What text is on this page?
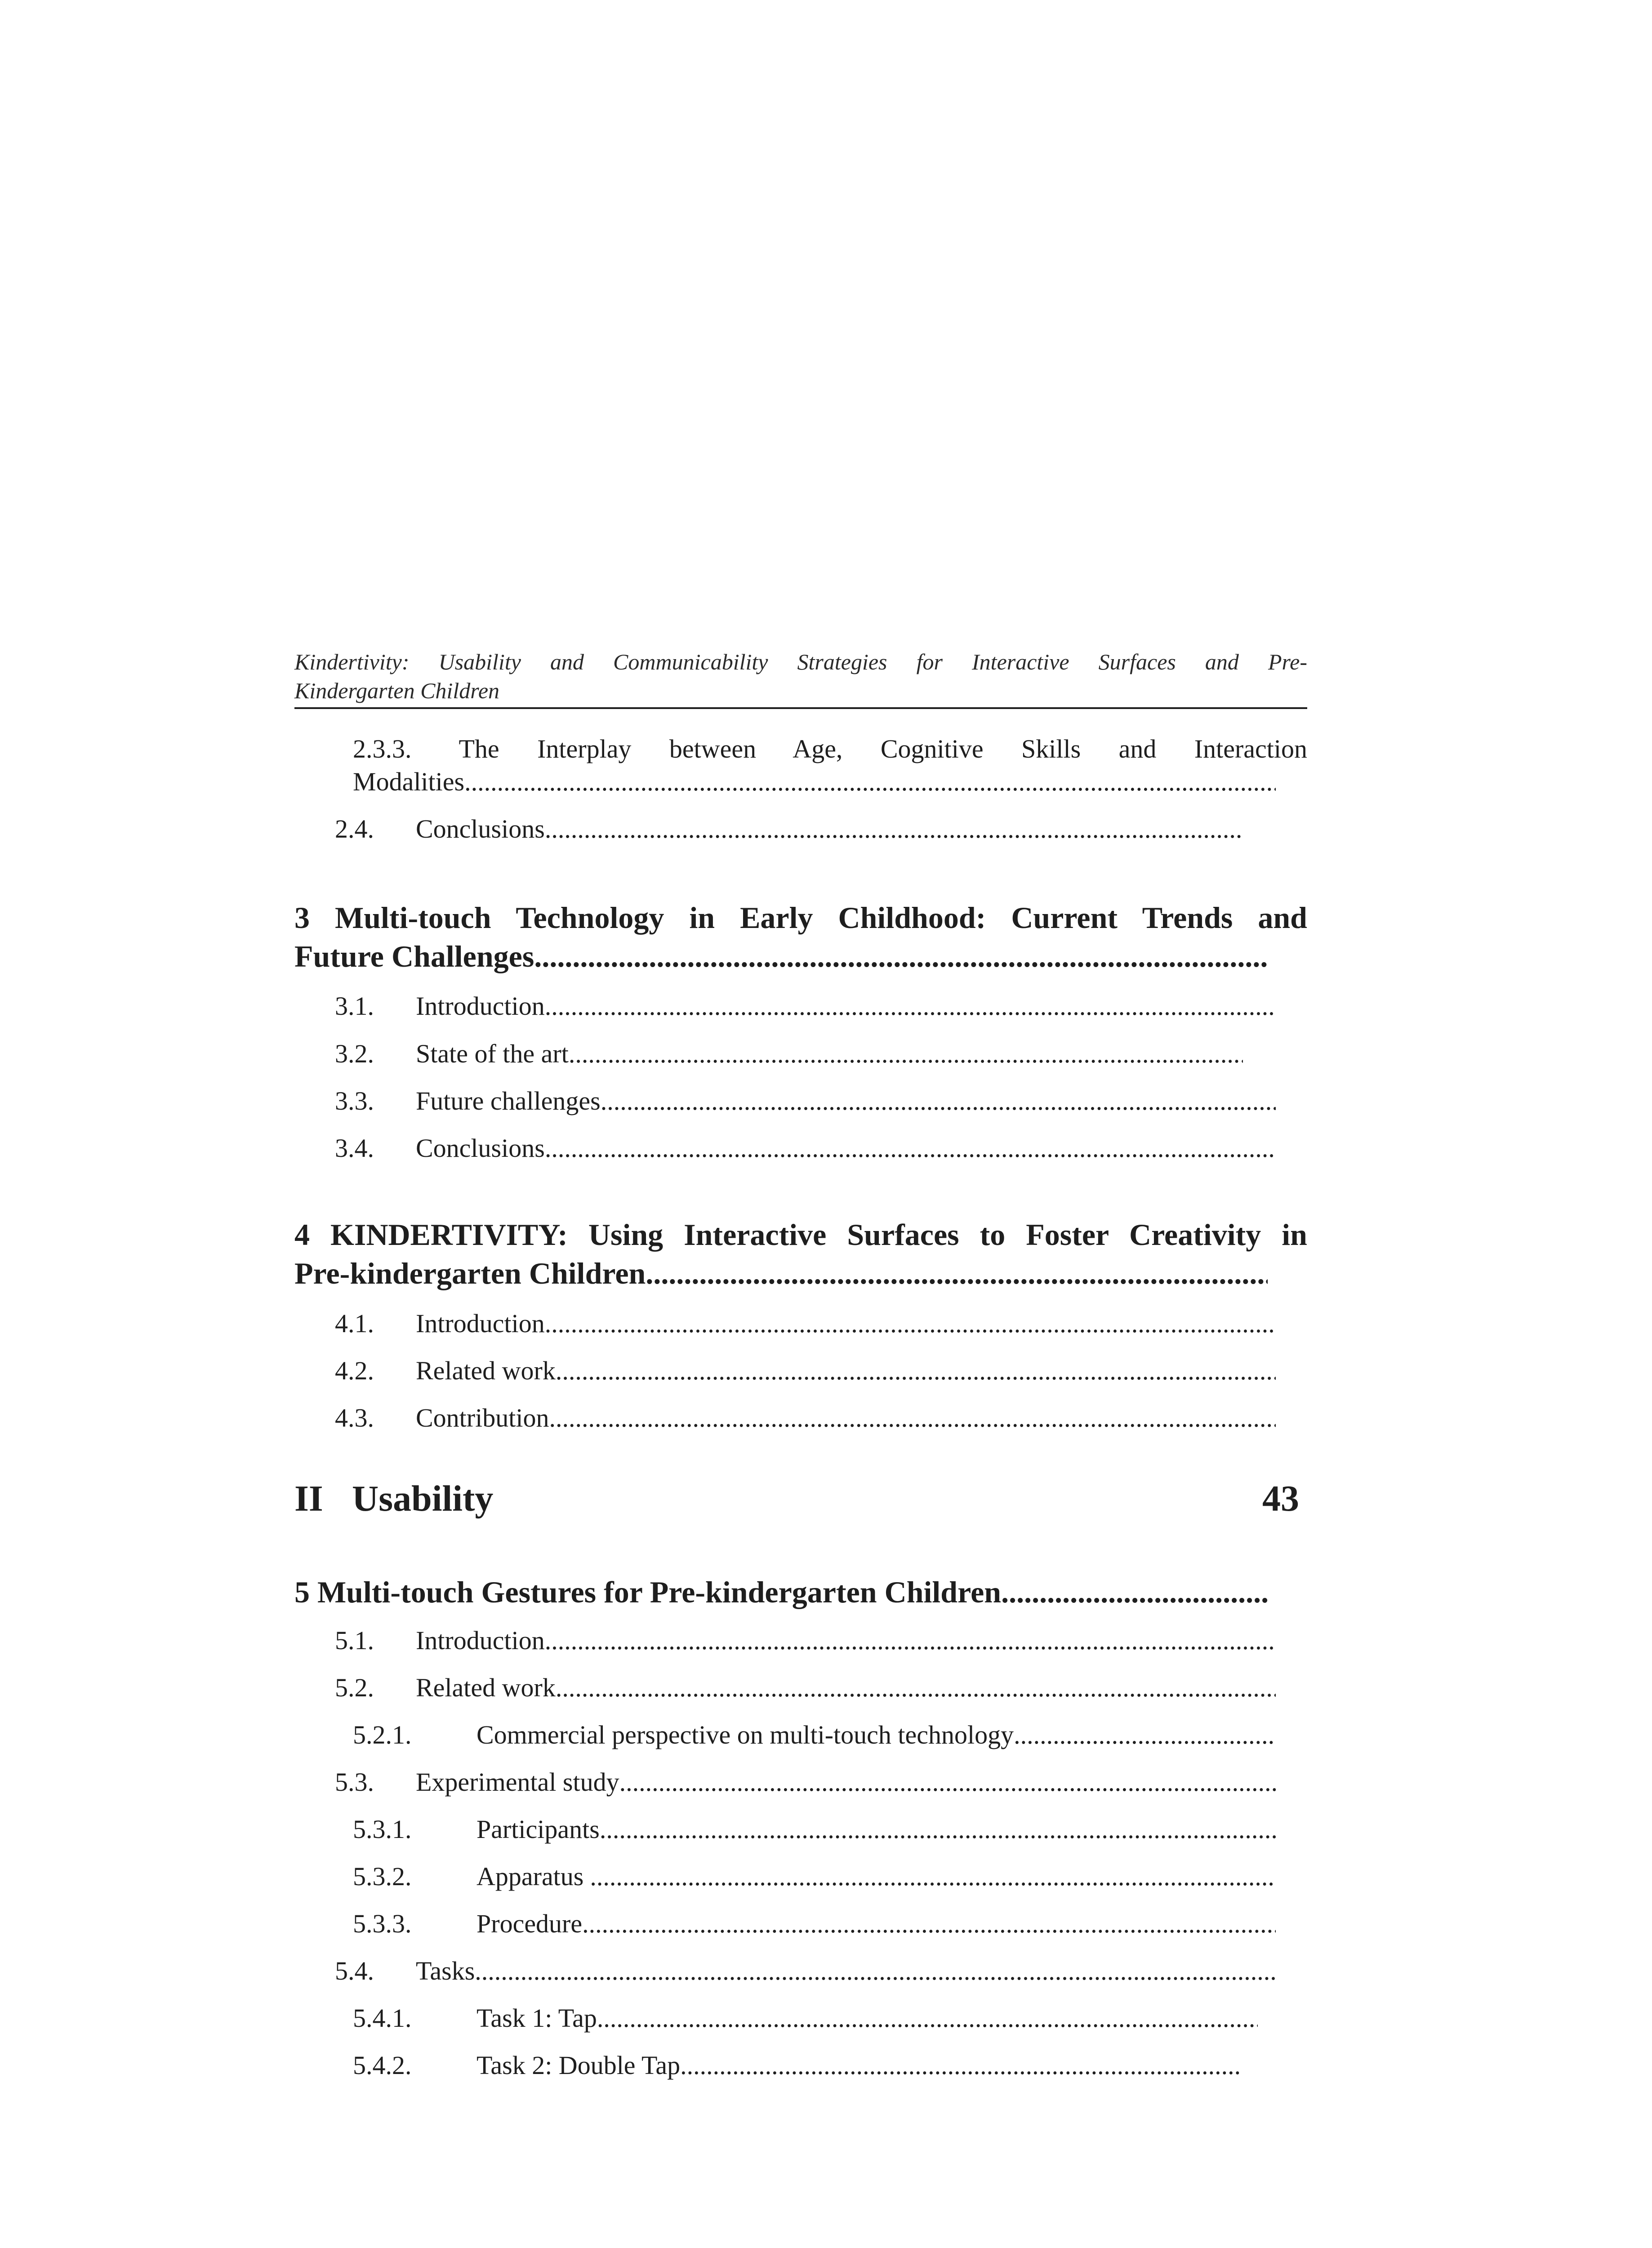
Kindertivity: Usability and Communicability Strategies for Interactive Surfaces and Pre-
Kindergarten Children
2.3.3. The Interplay between Age, Cognitive Skills and Interaction
Modalities
.....
2.4.	Conclusions
.....
3 Multi-touch Technology in Early Childhood: Current Trends and
Future Challenges
.....
3.1.	Introduction
.....
3.2.	State of the art
.....
3.3.	Future challenges
.....
3.4.	Conclusions
.....
4 KINDERTIVITY: Using Interactive Surfaces to Foster Creativity in
Pre-kindergarten Children
.....
4.1.	Introduction
.....
4.2.	Related work
.....
4.3.	Contribution
.....
II Usability	43
5 Multi-touch Gestures for Pre-kindergarten Children
.....
5.1.	Introduction
.....
5.2.	Related work
.....
5.2.1.	Commercial perspective on multi-touch technology
.....
5.3.	Experimental study
.....
5.3.1.	Participants
.....
5.3.2.	Apparatus
.....
5.3.3.	Procedure
.....
5.4.	Tasks
.....
5.4.1.	Task 1: Tap
.....
5.4.2.	Task 2: Double Tap
.....
